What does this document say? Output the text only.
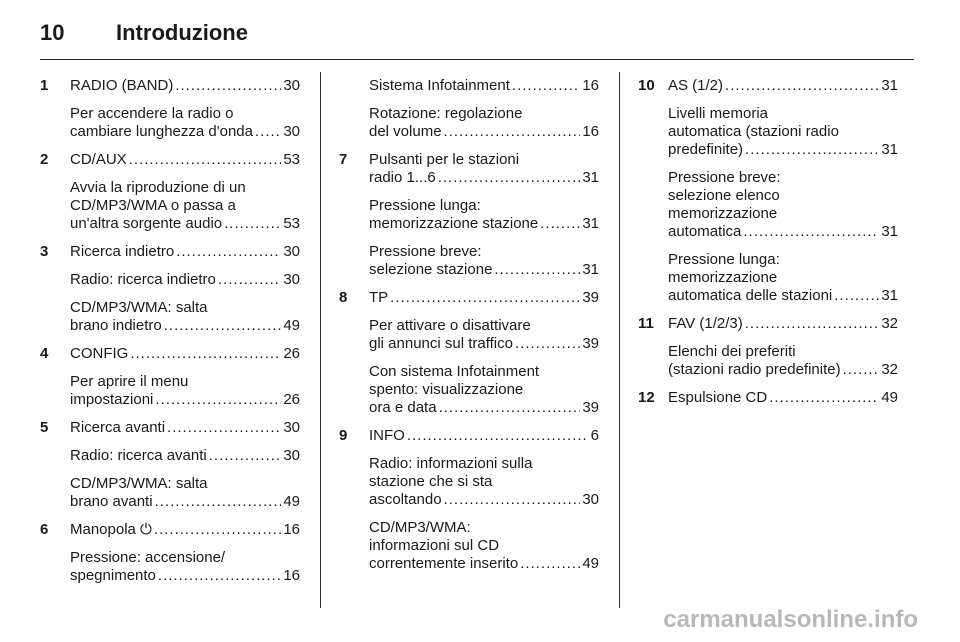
10	Introduzione
1	RADIO (BAND) .....	30
Per accendere la radio o
cambiare lunghezza d'onda ..... 30
2	CD/AUX .....	53
Avvia la riproduzione di un
CD/MP3/WMA o passa a
un'altra sorgente audio .....	53
3	Ricerca indietro .....	30
Radio: ricerca indietro .....	30
CD/MP3/WMA: salta
brano indietro .....	49
4	CONFIG .....	26
Per aprire il menu
impostazioni .....	26
5	Ricerca avanti .....	30
Radio: ricerca avanti .....	30
CD/MP3/WMA: salta
brano avanti .....	49
6	Manopola ⏻ .....	16
Pressione: accensione/
spegnimento .....	16
Sistema Infotainment .....	16
Rotazione: regolazione
del volume .....	16
7	Pulsanti per le stazioni
radio 1...6 .....	31
Pressione lunga:
memorizzazione stazione .....	31
Pressione breve:
selezione stazione .....	31
8	TP .....	39
Per attivare o disattivare
gli annunci sul traffico .....	39
Con sistema Infotainment
spento: visualizzazione
ora e data .....	39
9	INFO .....	6
Radio: informazioni sulla
stazione che si sta
ascoltando .....	30
CD/MP3/WMA:
informazioni sul CD
correntemente inserito .....	49
10 AS (1/2) .....	31
Livelli memoria
automatica (stazioni radio
predefinite) .....	31
Pressione breve:
selezione elenco
memorizzazione
automatica .....	31
Pressione lunga:
memorizzazione
automatica delle stazioni .....	31
11 FAV (1/2/3) .....	32
Elenchi dei preferiti
(stazioni radio predefinite) .....	32
12 Espulsione CD .....	49
carmanualsonline.info
